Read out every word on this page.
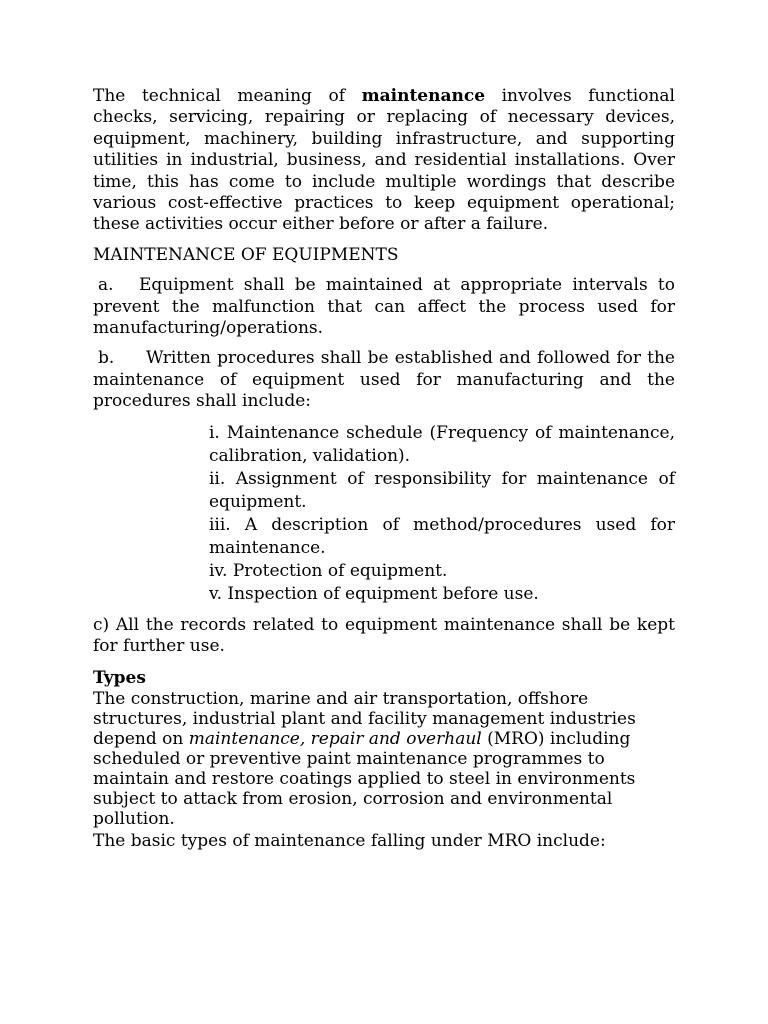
The technical meaning of maintenance involves functional checks, servicing, repairing or replacing of necessary devices, equipment, machinery, building infrastructure, and supporting utilities in industrial, business, and residential installations. Over time, this has come to include multiple wordings that describe various cost-effective practices to keep equipment operational; these activities occur either before or after a failure.

MAINTENANCE OF EQUIPMENTS

a. Equipment shall be maintained at appropriate intervals to prevent the malfunction that can affect the process used for manufacturing/operations.

b. Written procedures shall be established and followed for the maintenance of equipment used for manufacturing and the procedures shall include:

i. Maintenance schedule (Frequency of maintenance, calibration, validation).

ii. Assignment of responsibility for maintenance of equipment.

iii. A description of method/procedures used for maintenance.

iv. Protection of equipment.

v. Inspection of equipment before use.

c) All the records related to equipment maintenance shall be kept for further use.

Types

The construction, marine and air transportation, offshore structures, industrial plant and facility management industries depend on maintenance, repair and overhaul (MRO) including scheduled or preventive paint maintenance programmes to maintain and restore coatings applied to steel in environments subject to attack from erosion, corrosion and environmental pollution.

The basic types of maintenance falling under MRO include:
